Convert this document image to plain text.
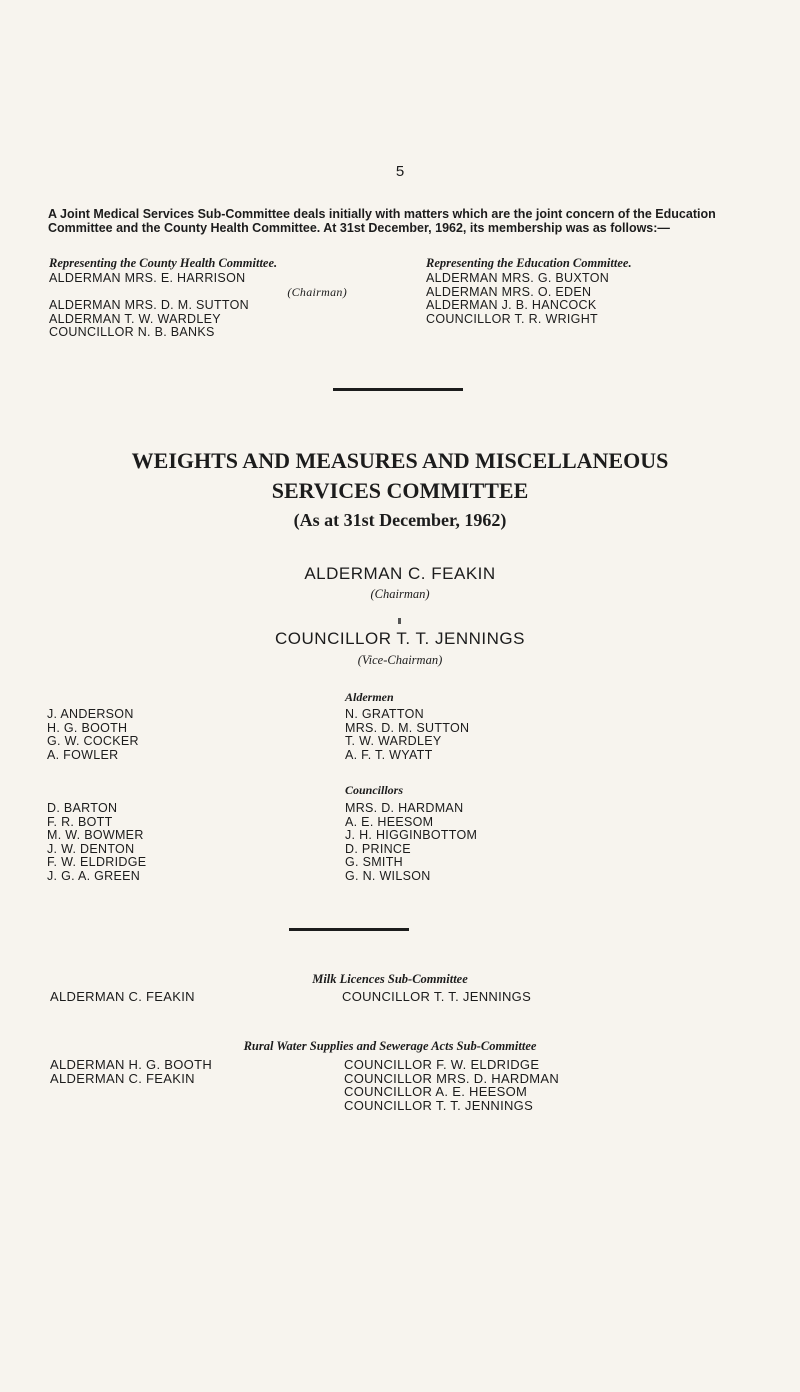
5
A Joint Medical Services Sub-Committee deals initially with matters which are the joint concern of the Education Committee and the County Health Committee. At 31st December, 1962, its membership was as follows:—
Representing the County Health Committee.
ALDERMAN MRS. E. HARRISON
(Chairman)
ALDERMAN MRS. D. M. SUTTON
ALDERMAN T. W. WARDLEY
COUNCILLOR N. B. BANKS
Representing the Education Committee.
ALDERMAN MRS. G. BUXTON
ALDERMAN MRS. O. EDEN
ALDERMAN J. B. HANCOCK
COUNCILLOR T. R. WRIGHT
WEIGHTS AND MEASURES AND MISCELLANEOUS
SERVICES COMMITTEE
(As at 31st December, 1962)
ALDERMAN C. FEAKIN
(Chairman)
COUNCILLOR T. T. JENNINGS
(Vice-Chairman)
Aldermen
J. ANDERSON
H. G. BOOTH
G. W. COCKER
A. FOWLER
N. GRATTON
MRS. D. M. SUTTON
T. W. WARDLEY
A. F. T. WYATT
Councillors
D. BARTON
F. R. BOTT
M. W. BOWMER
J. W. DENTON
F. W. ELDRIDGE
J. G. A. GREEN
MRS. D. HARDMAN
A. E. HEESOM
J. H. HIGGINBOTTOM
D. PRINCE
G. SMITH
G. N. WILSON
Milk Licences Sub-Committee
ALDERMAN C. FEAKIN	COUNCILLOR T. T. JENNINGS
Rural Water Supplies and Sewerage Acts Sub-Committee
ALDERMAN H. G. BOOTH
ALDERMAN C. FEAKIN
COUNCILLOR F. W. ELDRIDGE
COUNCILLOR MRS. D. HARDMAN
COUNCILLOR A. E. HEESOM
COUNCILLOR T. T. JENNINGS
